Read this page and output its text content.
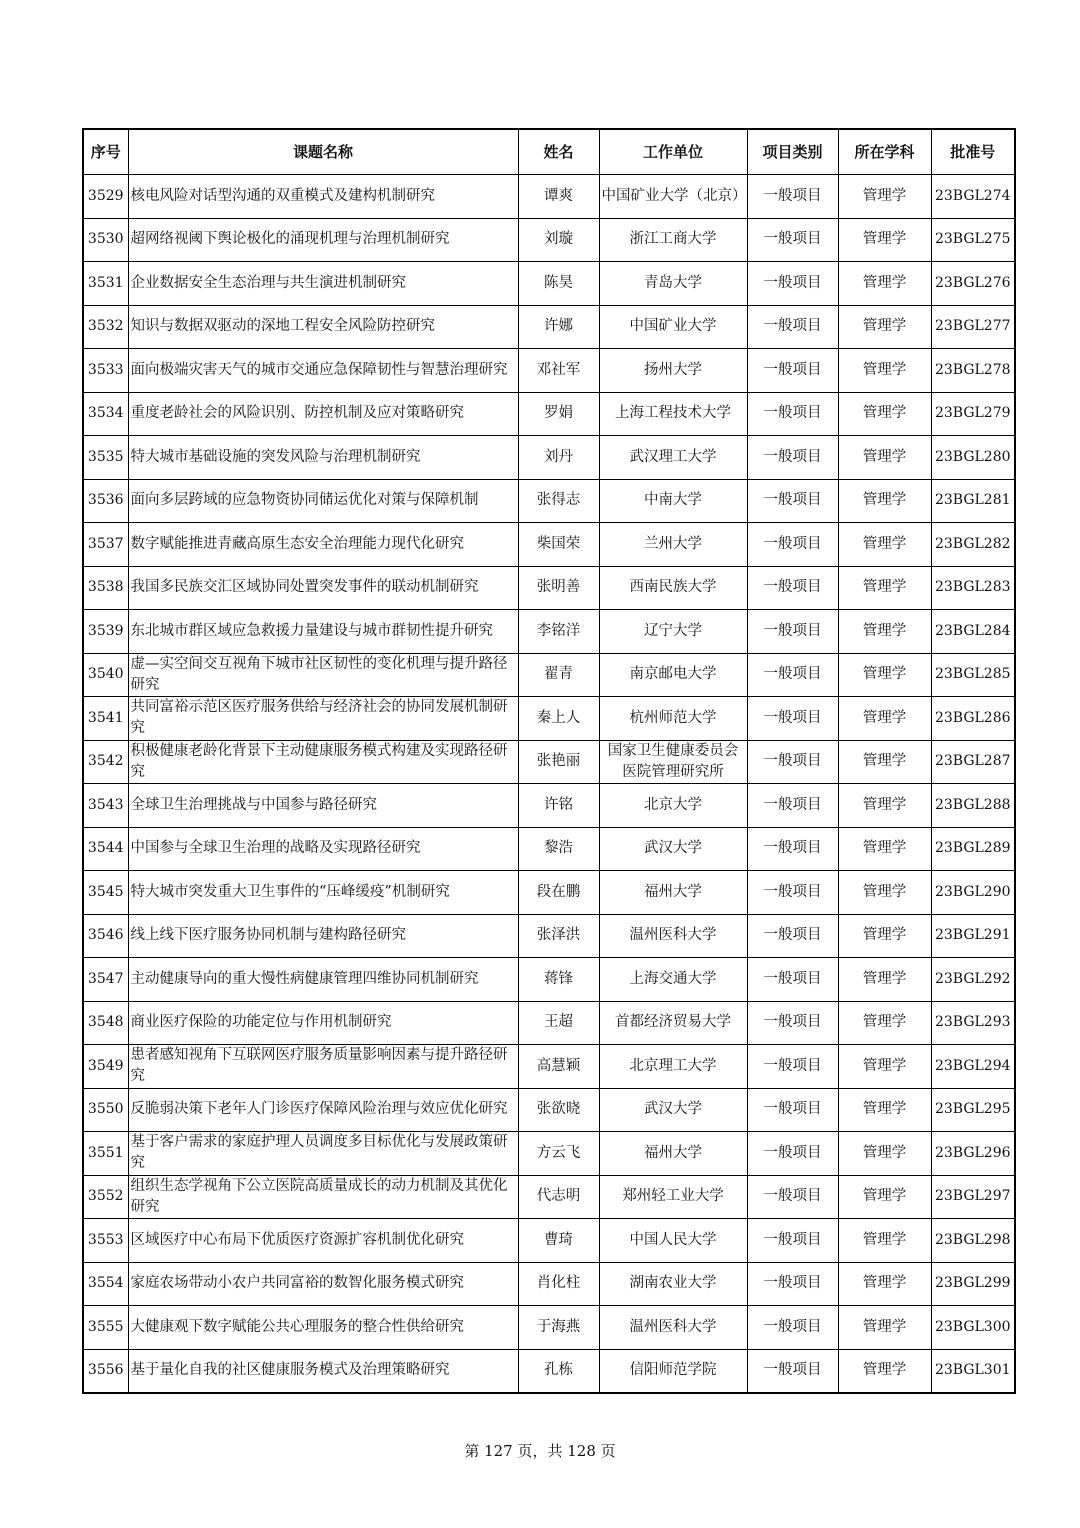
序号	课题名称	姓名	工作单位	项目类别	所在学科	批准号
3529	核电风险对话型沟通的双重模式及建构机制研究	谭爽	中国矿业大学（北京）	一般项目	管理学	23BGL274
3530	超网络视阈下舆论极化的涌现机理与治理机制研究	刘璇	浙江工商大学	一般项目	管理学	23BGL275
3531	企业数据安全生态治理与共生演进机制研究	陈昊	青岛大学	一般项目	管理学	23BGL276
3532	知识与数据双驱动的深地工程安全风险防控研究	许娜	中国矿业大学	一般项目	管理学	23BGL277
3533	面向极端灾害天气的城市交通应急保障韧性与智慧治理研究	邓社军	扬州大学	一般项目	管理学	23BGL278
3534	重度老龄社会的风险识别、防控机制及应对策略研究	罗娟	上海工程技术大学	一般项目	管理学	23BGL279
3535	特大城市基础设施的突发风险与治理机制研究	刘丹	武汉理工大学	一般项目	管理学	23BGL280
3536	面向多层跨域的应急物资协同储运优化对策与保障机制	张得志	中南大学	一般项目	管理学	23BGL281
3537	数字赋能推进青藏高原生态安全治理能力现代化研究	柴国荣	兰州大学	一般项目	管理学	23BGL282
3538	我国多民族交汇区域协同处置突发事件的联动机制研究	张明善	西南民族大学	一般项目	管理学	23BGL283
3539	东北城市群区域应急救援力量建设与城市群韧性提升研究	李铭洋	辽宁大学	一般项目	管理学	23BGL284
3540	虚—实空间交互视角下城市社区韧性的变化机理与提升路径研究	翟青	南京邮电大学	一般项目	管理学	23BGL285
3541	共同富裕示范区医疗服务供给与经济社会的协同发展机制研究	秦上人	杭州师范大学	一般项目	管理学	23BGL286
3542	积极健康老龄化背景下主动健康服务模式构建及实现路径研究	张艳丽	国家卫生健康委员会医院管理研究所	一般项目	管理学	23BGL287
3543	全球卫生治理挑战与中国参与路径研究	许铭	北京大学	一般项目	管理学	23BGL288
3544	中国参与全球卫生治理的战略及实现路径研究	黎浩	武汉大学	一般项目	管理学	23BGL289
3545	特大城市突发重大卫生事件的“压峰缓疫”机制研究	段在鹏	福州大学	一般项目	管理学	23BGL290
3546	线上线下医疗服务协同机制与建构路径研究	张泽洪	温州医科大学	一般项目	管理学	23BGL291
3547	主动健康导向的重大慢性病健康管理四维协同机制研究	蒋锋	上海交通大学	一般项目	管理学	23BGL292
3548	商业医疗保险的功能定位与作用机制研究	王超	首都经济贸易大学	一般项目	管理学	23BGL293
3549	患者感知视角下互联网医疗服务质量影响因素与提升路径研究	高慧颖	北京理工大学	一般项目	管理学	23BGL294
3550	反脆弱决策下老年人门诊医疗保障风险治理与效应优化研究	张欲晓	武汉大学	一般项目	管理学	23BGL295
3551	基于客户需求的家庭护理人员调度多目标优化与发展政策研究	方云飞	福州大学	一般项目	管理学	23BGL296
3552	组织生态学视角下公立医院高质量成长的动力机制及其优化研究	代志明	郑州轻工业大学	一般项目	管理学	23BGL297
3553	区域医疗中心布局下优质医疗资源扩容机制优化研究	曹琦	中国人民大学	一般项目	管理学	23BGL298
3554	家庭农场带动小农户共同富裕的数智化服务模式研究	肖化柱	湖南农业大学	一般项目	管理学	23BGL299
3555	大健康观下数字赋能公共心理服务的整合性供给研究	于海燕	温州医科大学	一般项目	管理学	23BGL300
3556	基于量化自我的社区健康服务模式及治理策略研究	孔栋	信阳师范学院	一般项目	管理学	23BGL301
第 127 页，共 128 页
